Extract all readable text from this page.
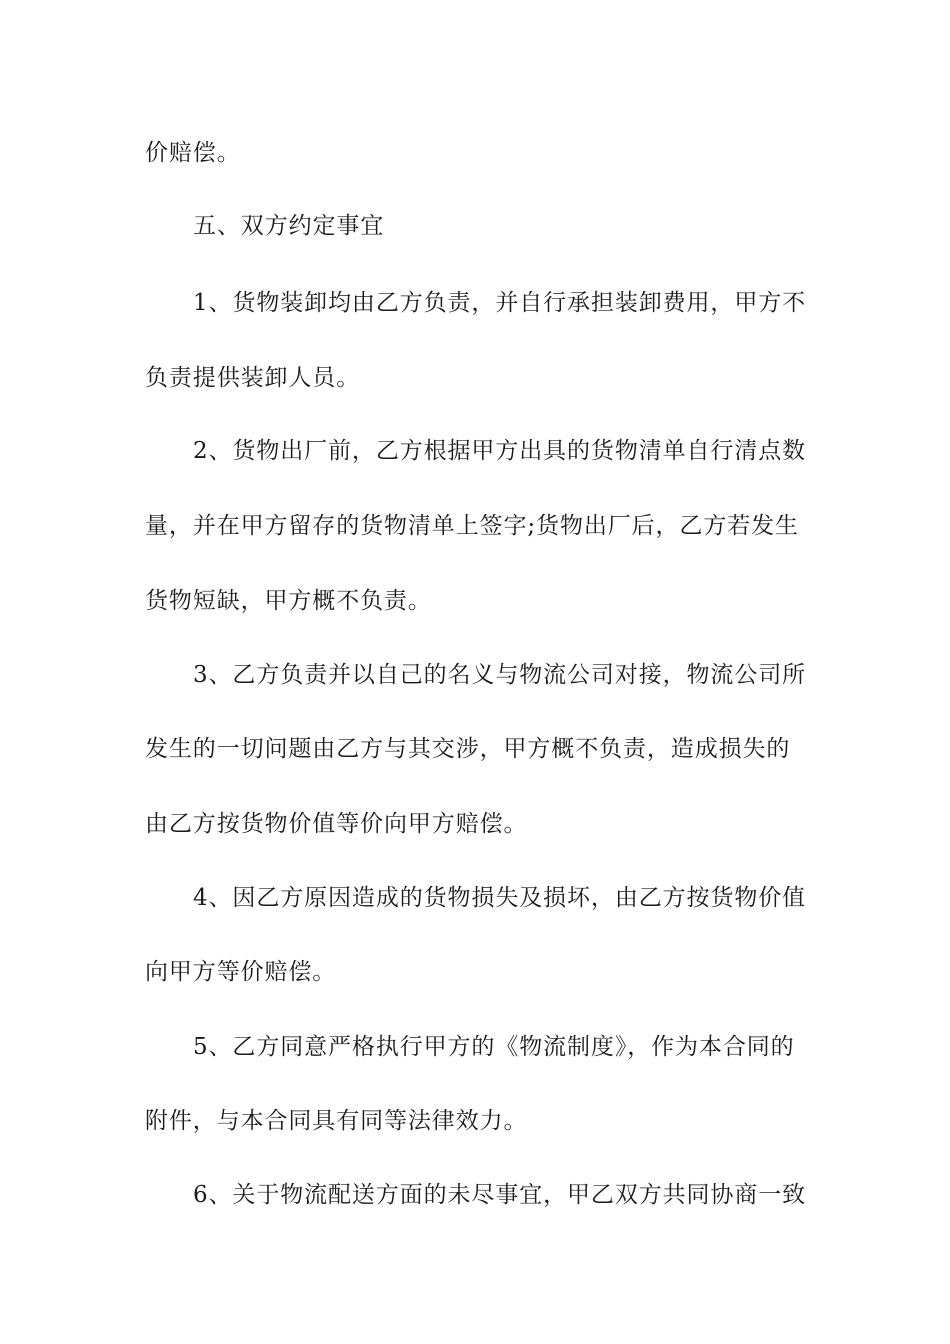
价赔偿。
五、双方约定事宜
1、货物装卸均由乙方负责，并自行承担装卸费用，甲方不
负责提供装卸人员。
2、货物出厂前，乙方根据甲方出具的货物清单自行清点数
量，并在甲方留存的货物清单上签字;货物出厂后，乙方若发生
货物短缺，甲方概不负责。
3、乙方负责并以自己的名义与物流公司对接，物流公司所
发生的一切问题由乙方与其交涉，甲方概不负责，造成损失的
由乙方按货物价值等价向甲方赔偿。
4、因乙方原因造成的货物损失及损坏，由乙方按货物价值
向甲方等价赔偿。
5、乙方同意严格执行甲方的《物流制度》，作为本合同的
附件，与本合同具有同等法律效力。
6、关于物流配送方面的未尽事宜，甲乙双方共同协商一致
